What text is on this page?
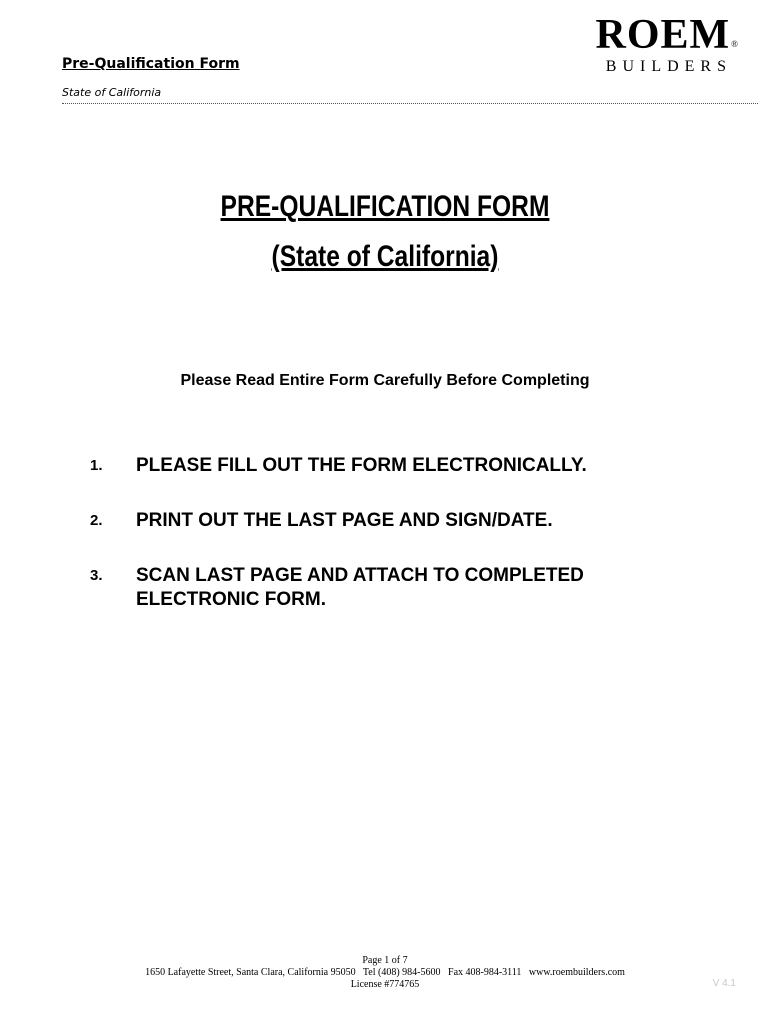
Pre-Qualification Form
State of California
ROEM®
BUILDERS
PRE-QUALIFICATION FORM
(State of California)
Please Read Entire Form Carefully Before Completing
1.	PLEASE FILL OUT THE FORM ELECTRONICALLY.
2.	PRINT OUT THE LAST PAGE AND SIGN/DATE.
3.	SCAN LAST PAGE AND ATTACH TO COMPLETED ELECTRONIC FORM.
Page 1 of 7
1650 Lafayette Street, Santa Clara, California 95050   Tel (408) 984-5600   Fax 408-984-3111   www.roembuilders.com
License #774765	V 4.1
